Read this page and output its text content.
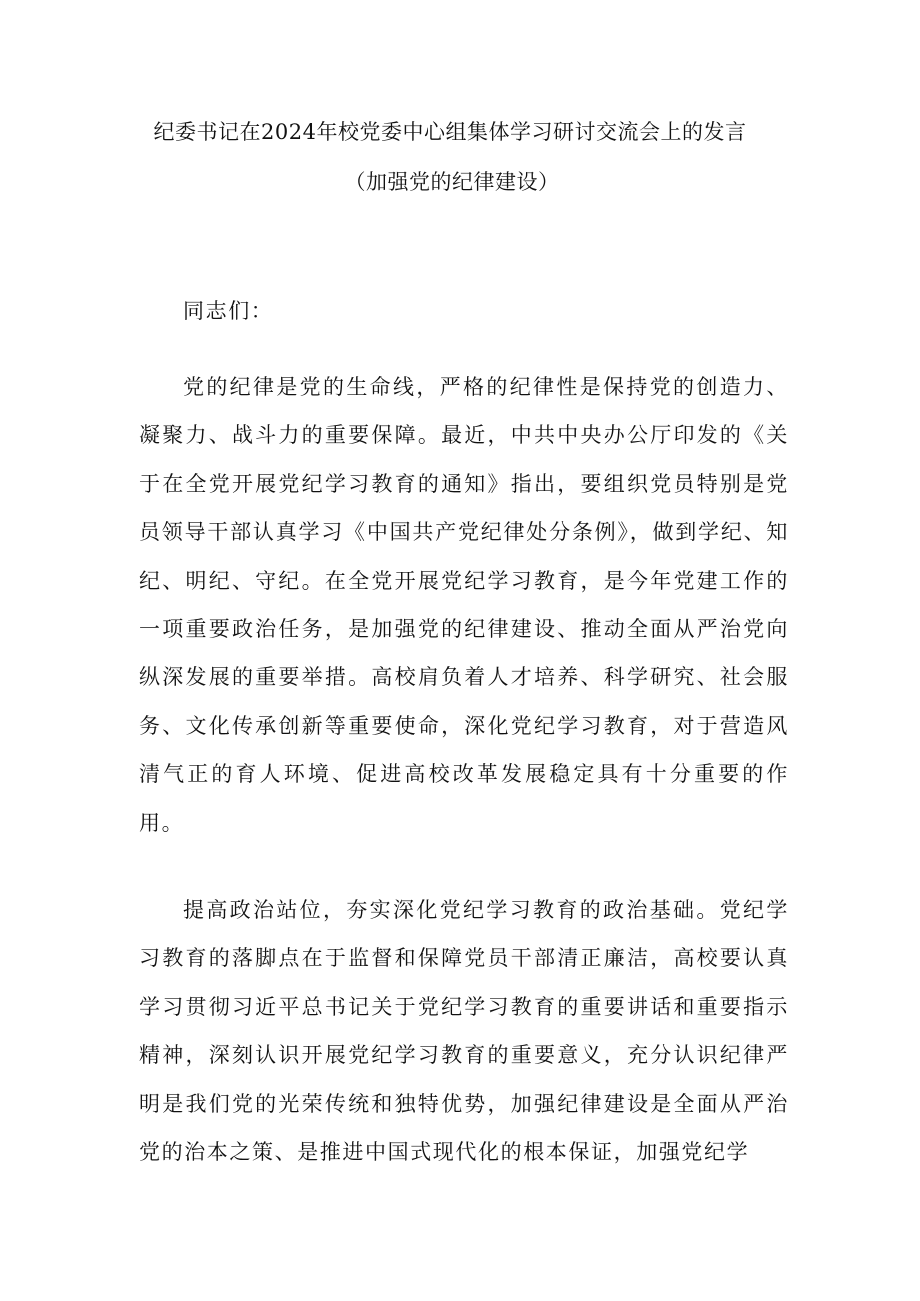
纪委书记在2024年校党委中心组集体学习研讨交流会上的发言
（加强党的纪律建设）
同志们：

党的纪律是党的生命线，严格的纪律性是保持党的创造力、凝聚力、战斗力的重要保障。最近，中共中央办公厅印发的《关于在全党开展党纪学习教育的通知》指出，要组织党员特别是党员领导干部认真学习《中国共产党纪律处分条例》，做到学纪、知纪、明纪、守纪。在全党开展党纪学习教育，是今年党建工作的一项重要政治任务，是加强党的纪律建设、推动全面从严治党向纵深发展的重要举措。高校肩负着人才培养、科学研究、社会服务、文化传承创新等重要使命，深化党纪学习教育，对于营造风清气正的育人环境、促进高校改革发展稳定具有十分重要的作用。

提高政治站位，夯实深化党纪学习教育的政治基础。党纪学习教育的落脚点在于监督和保障党员干部清正廉洁，高校要认真学习贯彻习近平总书记关于党纪学习教育的重要讲话和重要指示精神，深刻认识开展党纪学习教育的重要意义，充分认识纪律严明是我们党的光荣传统和独特优势，加强纪律建设是全面从严治党的治本之策、是推进中国式现代化的根本保证，加强党纪学
